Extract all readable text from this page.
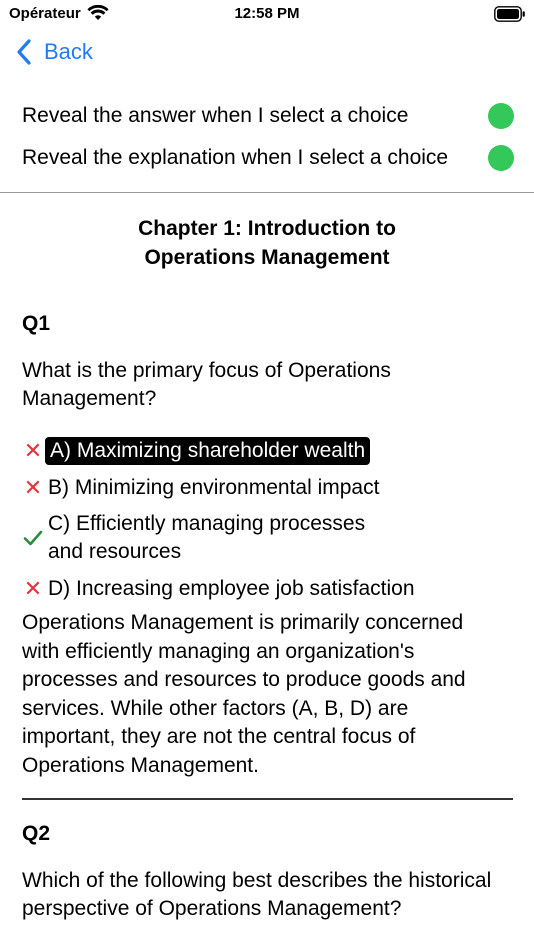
Opérateur	12:58 PM
Back
Reveal the answer when I select a choice
Reveal the explanation when I select a choice
Chapter 1: Introduction to
Operations Management
Q1
What is the primary focus of Operations Management?
✕ A) Maximizing shareholder wealth
✕ B) Minimizing environmental impact
C) Efficiently managing processes
and resources
✕ D) Increasing employee job satisfaction
Operations Management is primarily concerned with efficiently managing an organization's processes and resources to produce goods and services. While other factors (A, B, D) are important, they are not the central focus of Operations Management.
Q2
Which of the following best describes the historical perspective of Operations Management?
